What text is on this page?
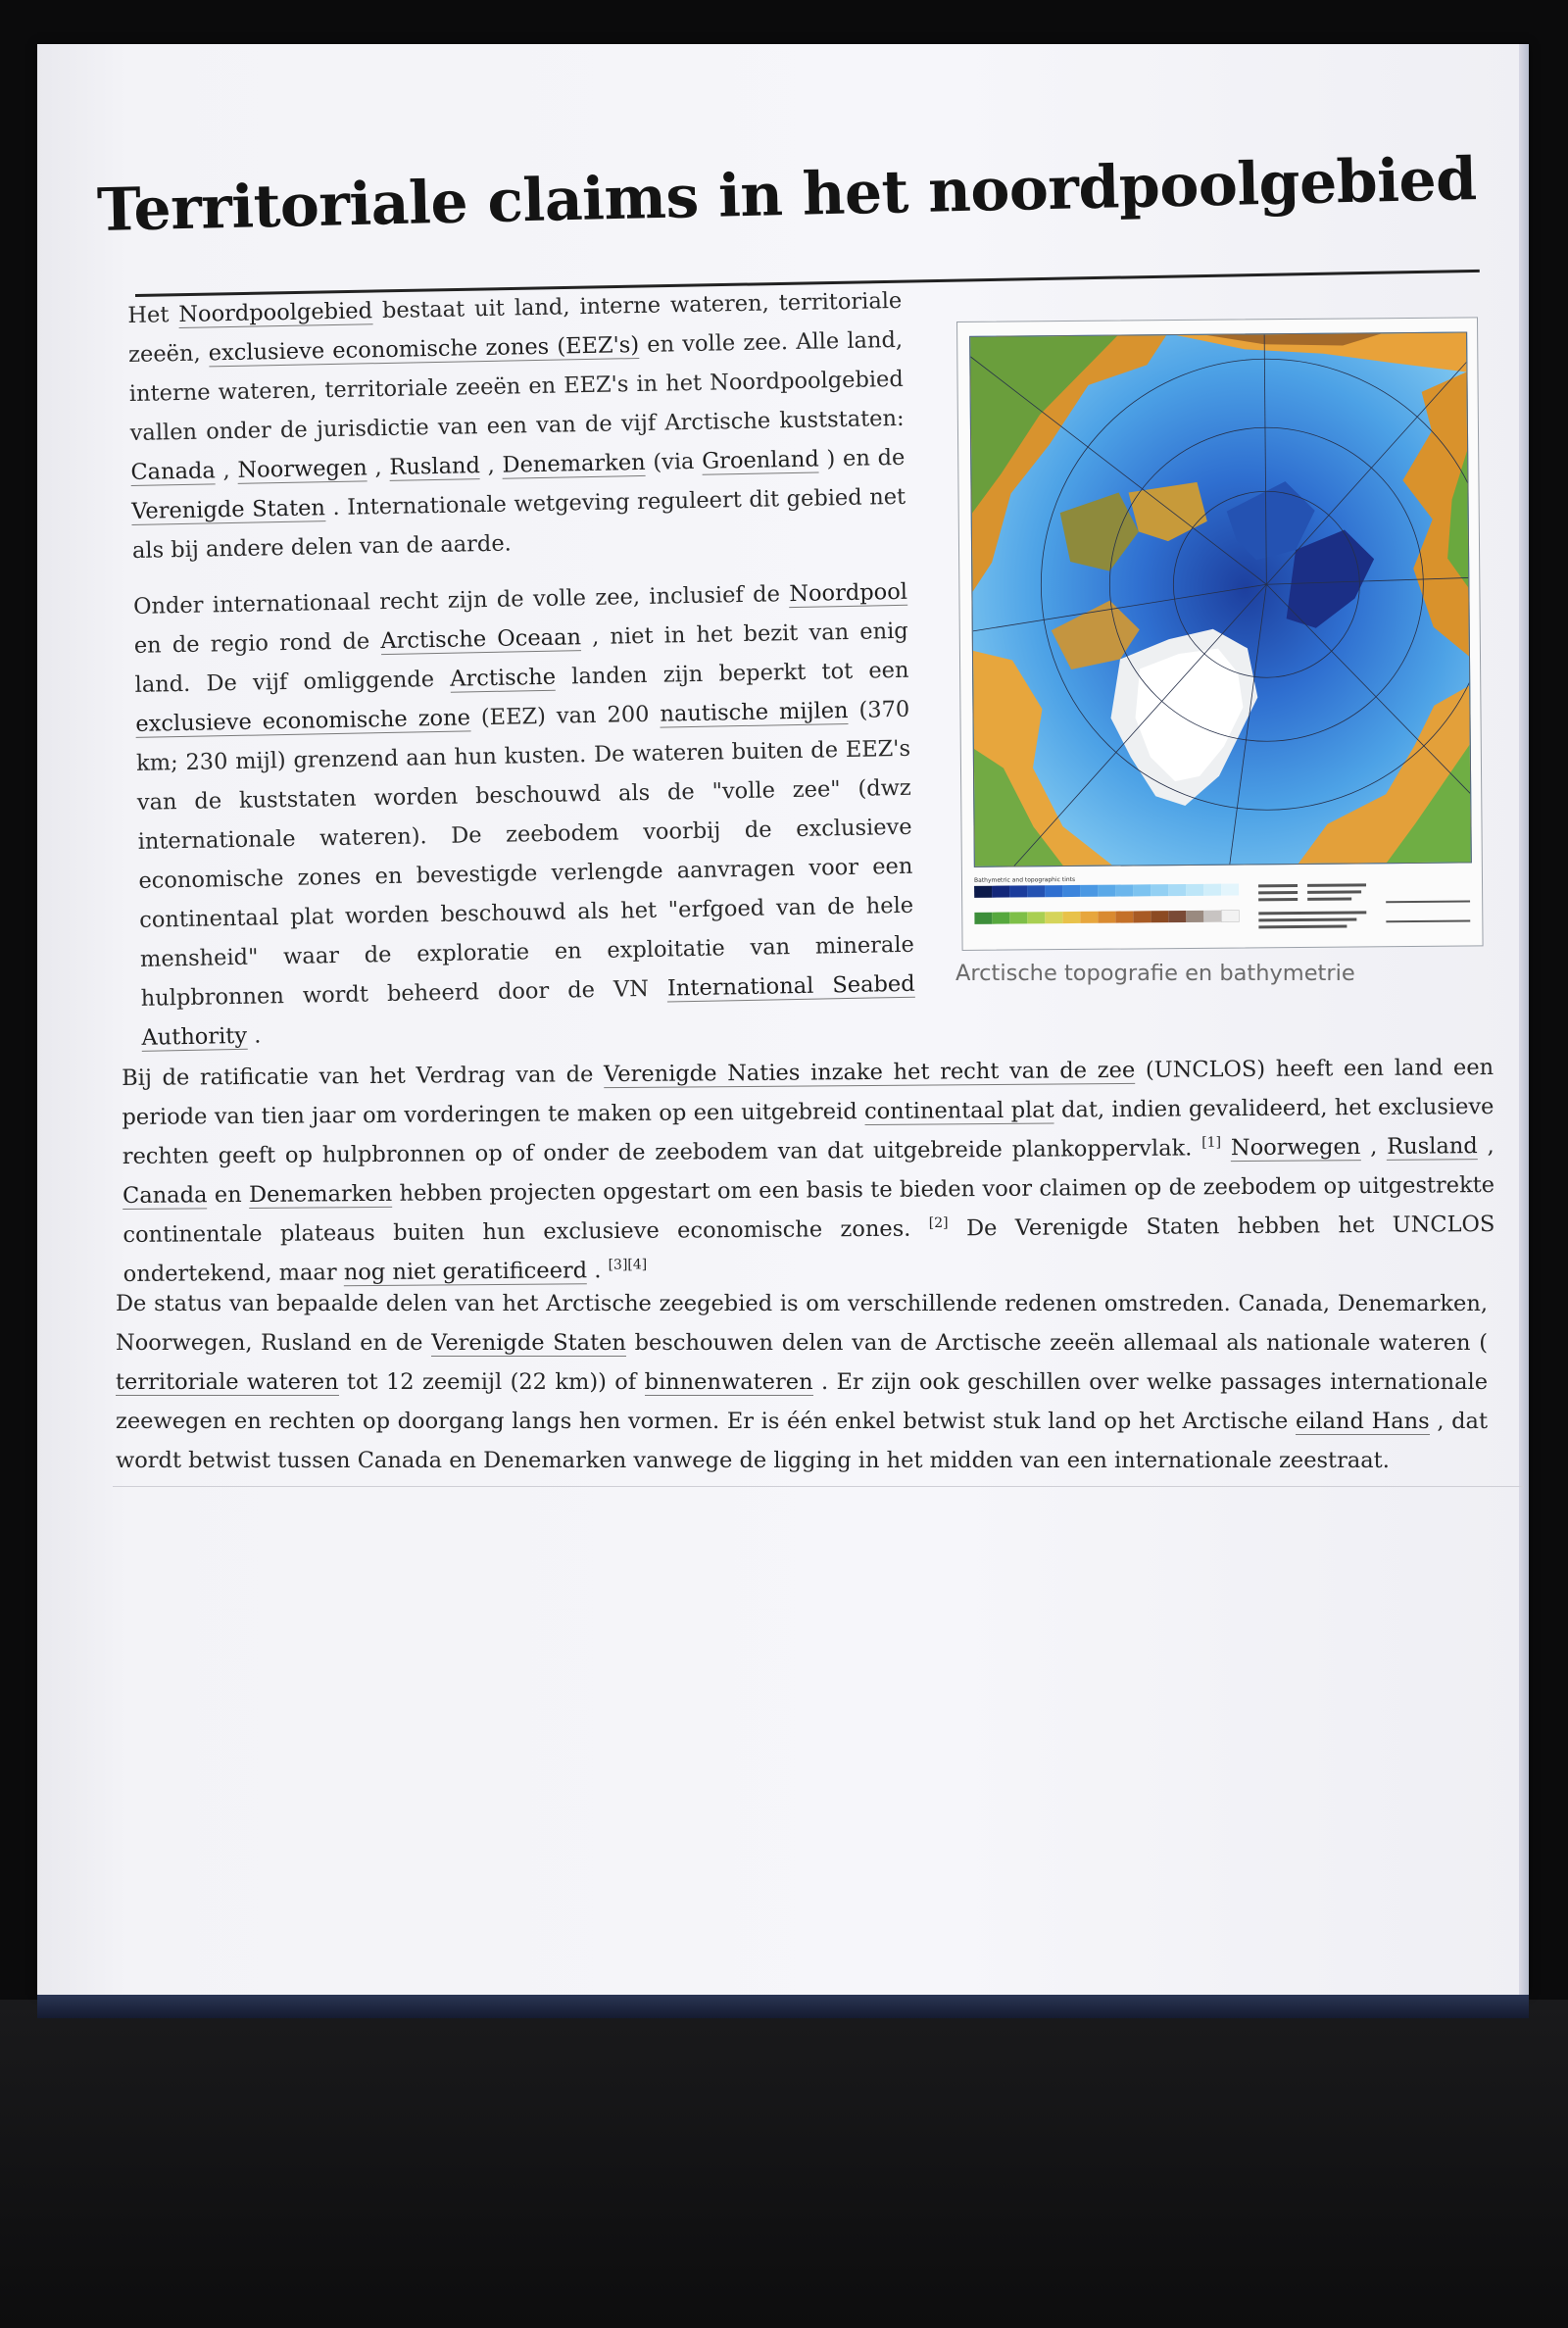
Territoriale claims in het noordpoolgebied

Het Noordpoolgebied bestaat uit land, interne wateren, territoriale zeeën, exclusieve economische zones (EEZ's) en volle zee. Alle land, interne wateren, territoriale zeeën en EEZ's in het Noordpoolgebied vallen onder de jurisdictie van een van de vijf Arctische kuststaten: Canada , Noorwegen , Rusland , Denemarken (via Groenland ) en de Verenigde Staten . Internationale wetgeving reguleert dit gebied net als bij andere delen van de aarde.

Onder internationaal recht zijn de volle zee, inclusief de Noordpool en de regio rond de Arctische Oceaan , niet in het bezit van enig land. De vijf omliggende Arctische landen zijn beperkt tot een exclusieve economische zone (EEZ) van 200 nautische mijlen (370 km; 230 mijl) grenzend aan hun kusten. De wateren buiten de EEZ's van de kuststaten worden beschouwd als de "volle zee" (dwz internationale wateren). De zeebodem voorbij de exclusieve economische zones en bevestigde verlengde aanvragen voor een continentaal plat worden beschouwd als het "erfgoed van de hele mensheid" waar de exploratie en exploitatie van minerale hulpbronnen wordt beheerd door de VN International Seabed Authority .

Bathymetric and topographic tints
Arctische topografie en bathymetrie

Bij de ratificatie van het Verdrag van de Verenigde Naties inzake het recht van de zee (UNCLOS) heeft een land een periode van tien jaar om vorderingen te maken op een uitgebreid continentaal plat dat, indien gevalideerd, het exclusieve rechten geeft op hulpbronnen op of onder de zeebodem van dat uitgebreide plankoppervlak. [1] Noorwegen , Rusland , Canada en Denemarken hebben projecten opgestart om een basis te bieden voor claimen op de zeebodem op uitgestrekte continentale plateaus buiten hun exclusieve economische zones. [2] De Verenigde Staten hebben het UNCLOS ondertekend, maar nog niet geratificeerd . [3][4]

De status van bepaalde delen van het Arctische zeegebied is om verschillende redenen omstreden. Canada, Denemarken, Noorwegen, Rusland en de Verenigde Staten beschouwen delen van de Arctische zeeën allemaal als nationale wateren ( territoriale wateren tot 12 zeemijl (22 km)) of binnenwateren . Er zijn ook geschillen over welke passages internationale zeewegen en rechten op doorgang langs hen vormen. Er is één enkel betwist stuk land op het Arctische eiland Hans , dat wordt betwist tussen Canada en Denemarken vanwege de ligging in het midden van een internationale zeestraat.
